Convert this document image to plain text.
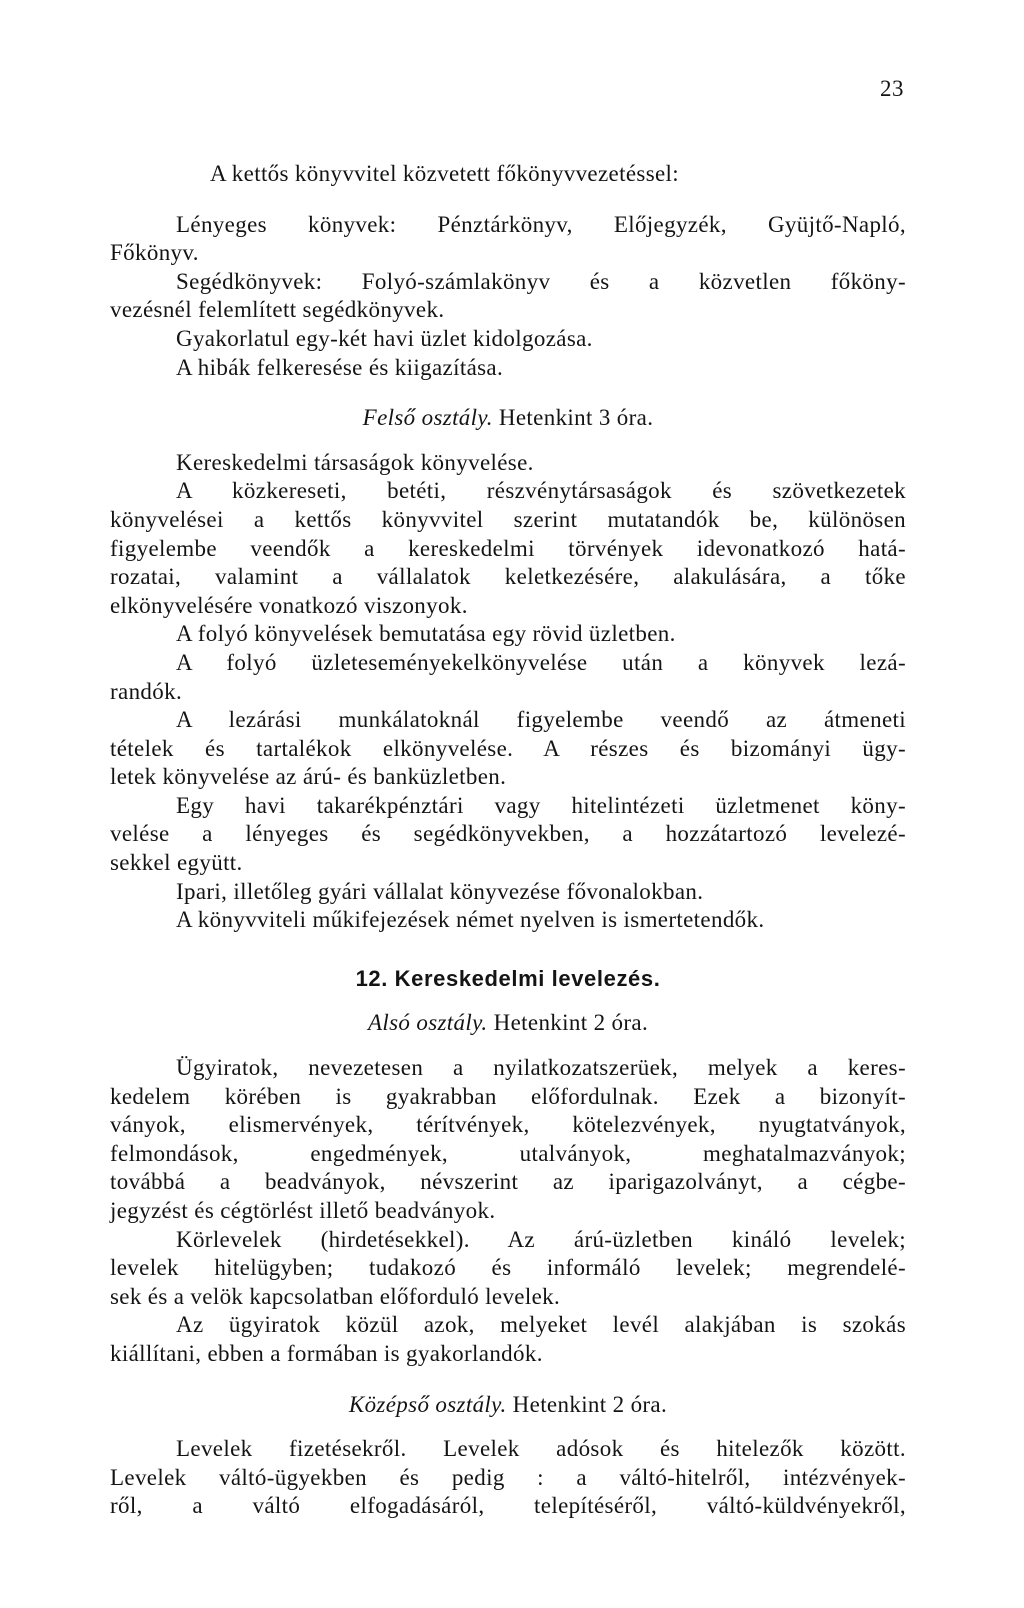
23
A kettős könyvvitel közvetett főkönyvvezetéssel:
Lényeges könyvek: Pénztárkönyv, Előjegyzék, Gyüjtő-Napló,
Főkönyv.
Segédkönyvek: Folyó-számlakönyv és a közvetlen főköny-
vezésnél felemlített segédkönyvek.
Gyakorlatul egy-két havi üzlet kidolgozása.
A hibák felkeresése és kiigazítása.
Felső osztály. Hetenkint 3 óra.
Kereskedelmi társaságok könyvelése.
A közkereseti, betéti, részvénytársaságok és szövetkezetek
könyvelései a kettős könyvvitel szerint mutatandók be, különösen
figyelembe veendők a kereskedelmi törvények idevonatkozó hatá-
rozatai, valamint a vállalatok keletkezésére, alakulására, a tőke
elkönyvelésére vonatkozó viszonyok.
A folyó könyvelések bemutatása egy rövid üzletben.
A folyó üzleteseményekelkönyvelése után a könyvek lezá-
randók.
A lezárási munkálatoknál figyelembe veendő az átmeneti
tételek és tartalékok elkönyvelése. A részes és bizományi ügy-
letek könyvelése az árú- és banküzletben.
Egy havi takarékpénztári vagy hitelintézeti üzletmenet köny-
velése a lényeges és segédkönyvekben, a hozzátartozó levelezé-
sekkel együtt.
Ipari, illetőleg gyári vállalat könyvezése fővonalokban.
A könyvviteli műkifejezések német nyelven is ismertetendők.
12. Kereskedelmi levelezés.
Alsó osztály. Hetenkint 2 óra.
Ügyiratok, nevezetesen a nyilatkozatszerüek, melyek a keres-
kedelem körében is gyakrabban előfordulnak. Ezek a bizonyít-
ványok, elismervények, térítvények, kötelezvények, nyugtatványok,
felmondások, engedmények, utalványok, meghatalmazványok;
továbbá a beadványok, névszerint az iparigazolványt, a cégbe-
jegyzést és cégtörlést illető beadványok.
Körlevelek (hirdetésekkel). Az árú-üzletben kináló levelek;
levelek hitelügyben; tudakozó és informáló levelek; megrendelé-
sek és a velök kapcsolatban előforduló levelek.
Az ügyiratok közül azok, melyeket levél alakjában is szokás
kiállítani, ebben a formában is gyakorlandók.
Középső osztály. Hetenkint 2 óra.
Levelek fizetésekről. Levelek adósok és hitelezők között.
Levelek váltó-ügyekben és pedig : a váltó-hitelről, intézvények-
ről, a váltó elfogadásáról, telepítéséről, váltó-küldvényekről,
